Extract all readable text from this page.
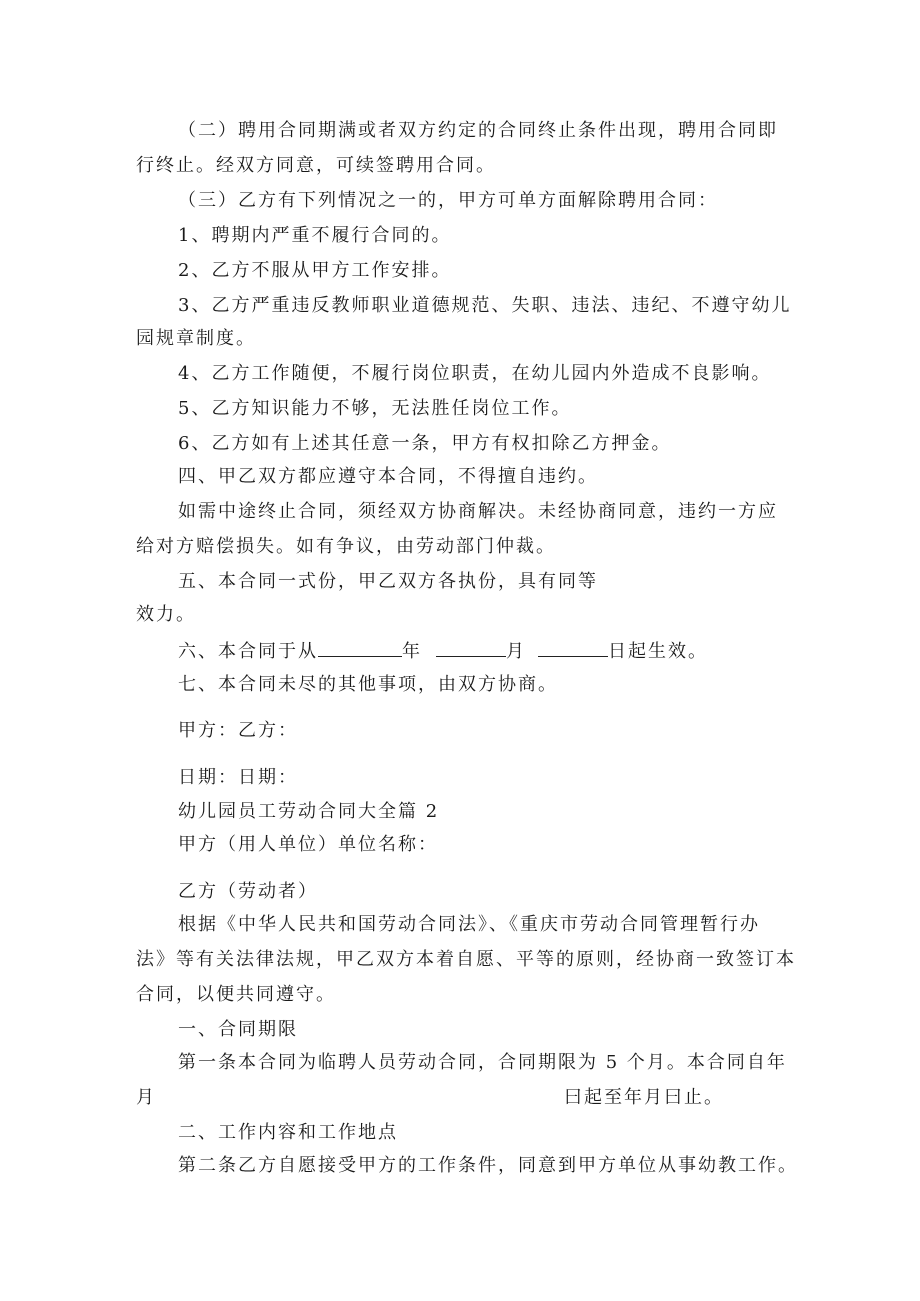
（二）聘用合同期满或者双方约定的合同终止条件出现，聘用合同即
行终止。经双方同意，可续签聘用合同。
（三）乙方有下列情况之一的，甲方可单方面解除聘用合同：
1、聘期内严重不履行合同的。
2、乙方不服从甲方工作安排。
3、乙方严重违反教师职业道德规范、失职、违法、违纪、不遵守幼儿
园规章制度。
4、乙方工作随便，不履行岗位职责，在幼儿园内外造成不良影响。
5、乙方知识能力不够，无法胜任岗位工作。
6、乙方如有上述其任意一条，甲方有权扣除乙方押金。
四、甲乙双方都应遵守本合同，不得擅自违约。
如需中途终止合同，须经双方协商解决。未经协商同意，违约一方应
给对方赔偿损失。如有争议，由劳动部门仲裁。
五、本合同一式份，甲乙双方各执份，具有同等
效力。
六、本合同于从	年	月	日起生效。
七、本合同未尽的其他事项，由双方协商。
甲方：乙方：
日期：日期：
幼儿园员工劳动合同大全篇 2
甲方（用人单位）单位名称：
乙方（劳动者）
根据《中华人民共和国劳动合同法》、《重庆市劳动合同管理暂行办
法》等有关法律法规，甲乙双方本着自愿、平等的原则，经协商一致签订本
合同，以便共同遵守。
一、合同期限
第一条本合同为临聘人员劳动合同，合同期限为 5 个月。本合同自年
月	曰起至年月曰止。
二、工作内容和工作地点
第二条乙方自愿接受甲方的工作条件，同意到甲方单位从事幼教工作。
